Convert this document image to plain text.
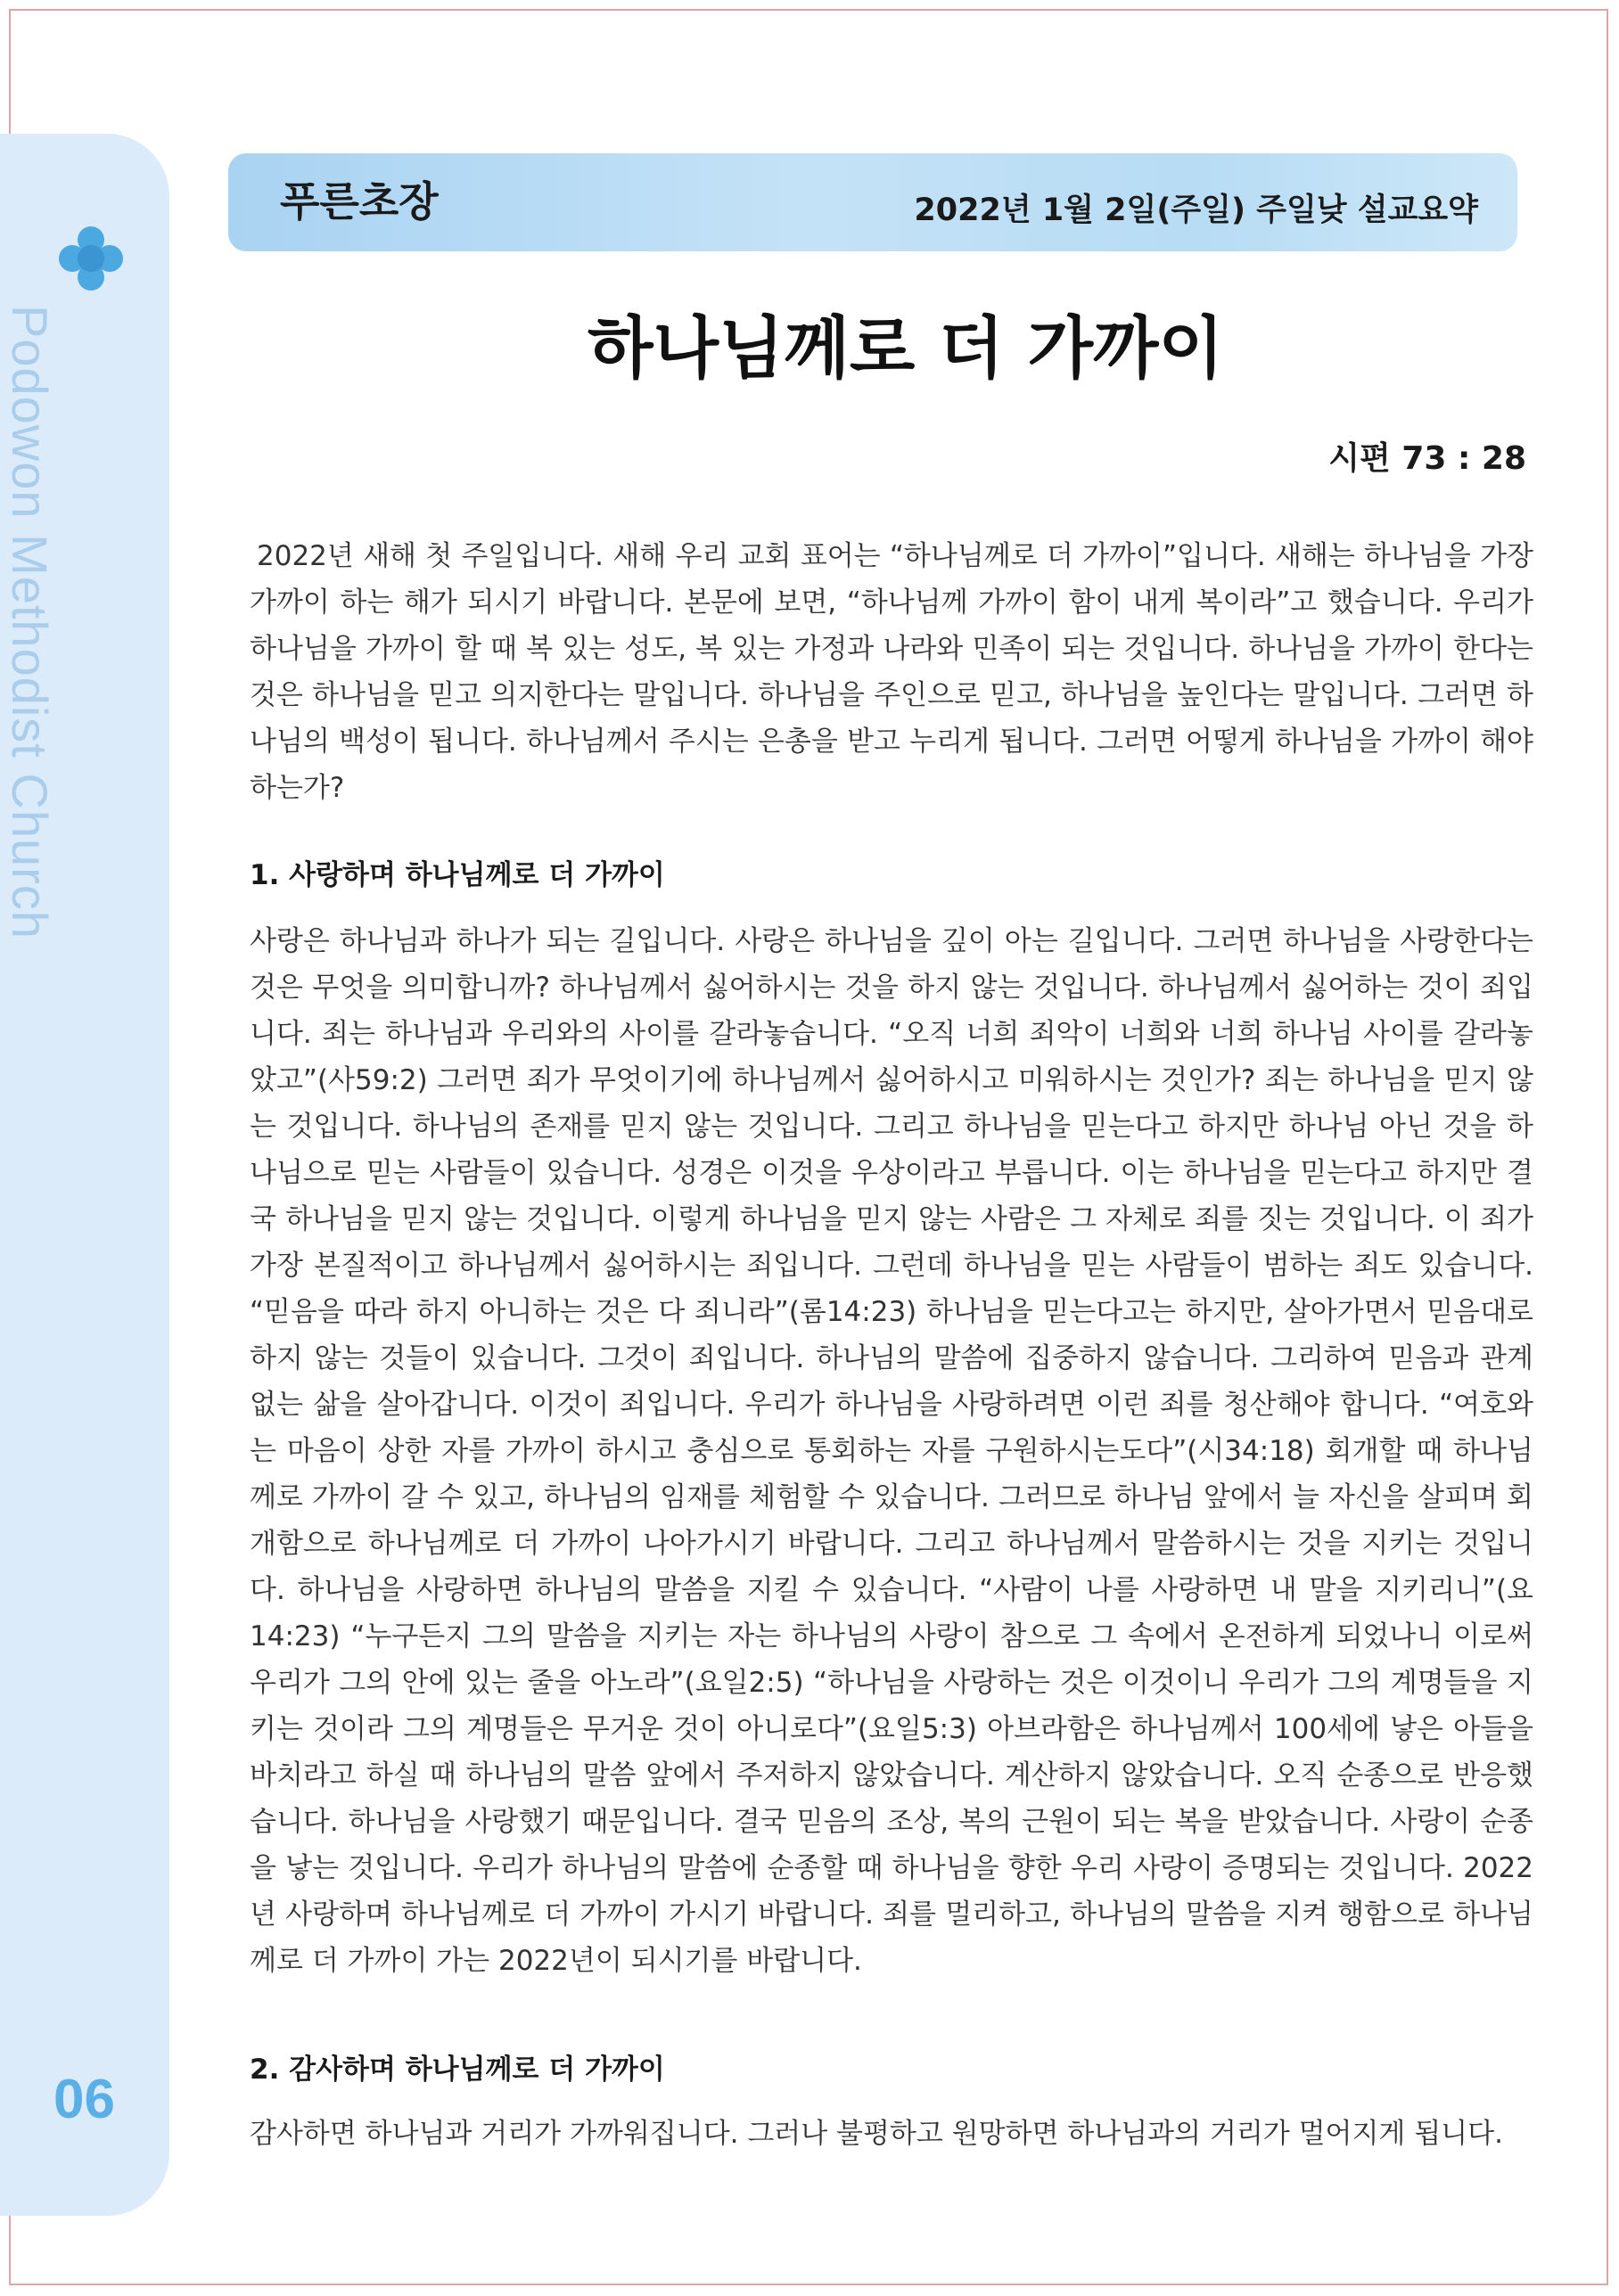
Podowon Methodist Church
06
푸른초장	2022년 1월 2일(주일) 주일낮 설교요약
하나님께로 더 가까이
시편 73 : 28

2022년 새해 첫 주일입니다. 새해 우리 교회 표어는 “하나님께로 더 가까이”입니다. 새해는 하나님을 가장 가까이 하는 해가 되시기 바랍니다. 본문에 보면, “하나님께 가까이 함이 내게 복이라”고 했습니다. 우리가 하나님을 가까이 할 때 복 있는 성도, 복 있는 가정과 나라와 민족이 되는 것입니다. 하나님을 가까이 한다는 것은 하나님을 믿고 의지한다는 말입니다. 하나님을 주인으로 믿고, 하나님을 높인다는 말입니다. 그러면 하나님의 백성이 됩니다. 하나님께서 주시는 은총을 받고 누리게 됩니다. 그러면 어떻게 하나님을 가까이 해야 하는가?

1. 사랑하며 하나님께로 더 가까이

사랑은 하나님과 하나가 되는 길입니다. 사랑은 하나님을 깊이 아는 길입니다. 그러면 하나님을 사랑한다는 것은 무엇을 의미합니까? 하나님께서 싫어하시는 것을 하지 않는 것입니다. 하나님께서 싫어하는 것이 죄입니다. 죄는 하나님과 우리와의 사이를 갈라놓습니다. “오직 너희 죄악이 너희와 너희 하나님 사이를 갈라놓았고”(사59:2) 그러면 죄가 무엇이기에 하나님께서 싫어하시고 미워하시는 것인가? 죄는 하나님을 믿지 않는 것입니다. 하나님의 존재를 믿지 않는 것입니다. 그리고 하나님을 믿는다고 하지만 하나님 아닌 것을 하나님으로 믿는 사람들이 있습니다. 성경은 이것을 우상이라고 부릅니다. 이는 하나님을 믿는다고 하지만 결국 하나님을 믿지 않는 것입니다. 이렇게 하나님을 믿지 않는 사람은 그 자체로 죄를 짓는 것입니다. 이 죄가 가장 본질적이고 하나님께서 싫어하시는 죄입니다. 그런데 하나님을 믿는 사람들이 범하는 죄도 있습니다. “믿음을 따라 하지 아니하는 것은 다 죄니라”(롬14:23) 하나님을 믿는다고는 하지만, 살아가면서 믿음대로 하지 않는 것들이 있습니다. 그것이 죄입니다. 하나님의 말씀에 집중하지 않습니다. 그리하여 믿음과 관계 없는 삶을 살아갑니다. 이것이 죄입니다. 우리가 하나님을 사랑하려면 이런 죄를 청산해야 합니다. “여호와는 마음이 상한 자를 가까이 하시고 충심으로 통회하는 자를 구원하시는도다”(시34:18) 회개할 때 하나님께로 가까이 갈 수 있고, 하나님의 임재를 체험할 수 있습니다. 그러므로 하나님 앞에서 늘 자신을 살피며 회개함으로 하나님께로 더 가까이 나아가시기 바랍니다. 그리고 하나님께서 말씀하시는 것을 지키는 것입니다. 하나님을 사랑하면 하나님의 말씀을 지킬 수 있습니다. “사람이 나를 사랑하면 내 말을 지키리니”(요14:23) “누구든지 그의 말씀을 지키는 자는 하나님의 사랑이 참으로 그 속에서 온전하게 되었나니 이로써 우리가 그의 안에 있는 줄을 아노라”(요일2:5) “하나님을 사랑하는 것은 이것이니 우리가 그의 계명들을 지키는 것이라 그의 계명들은 무거운 것이 아니로다”(요일5:3) 아브라함은 하나님께서 100세에 낳은 아들을 바치라고 하실 때 하나님의 말씀 앞에서 주저하지 않았습니다. 계산하지 않았습니다. 오직 순종으로 반응했습니다. 하나님을 사랑했기 때문입니다. 결국 믿음의 조상, 복의 근원이 되는 복을 받았습니다. 사랑이 순종을 낳는 것입니다. 우리가 하나님의 말씀에 순종할 때 하나님을 향한 우리 사랑이 증명되는 것입니다. 2022년 사랑하며 하나님께로 더 가까이 가시기 바랍니다. 죄를 멀리하고, 하나님의 말씀을 지켜 행함으로 하나님께로 더 가까이 가는 2022년이 되시기를 바랍니다.

2. 감사하며 하나님께로 더 가까이

감사하면 하나님과 거리가 가까워집니다. 그러나 불평하고 원망하면 하나님과의 거리가 멀어지게 됩니다.
